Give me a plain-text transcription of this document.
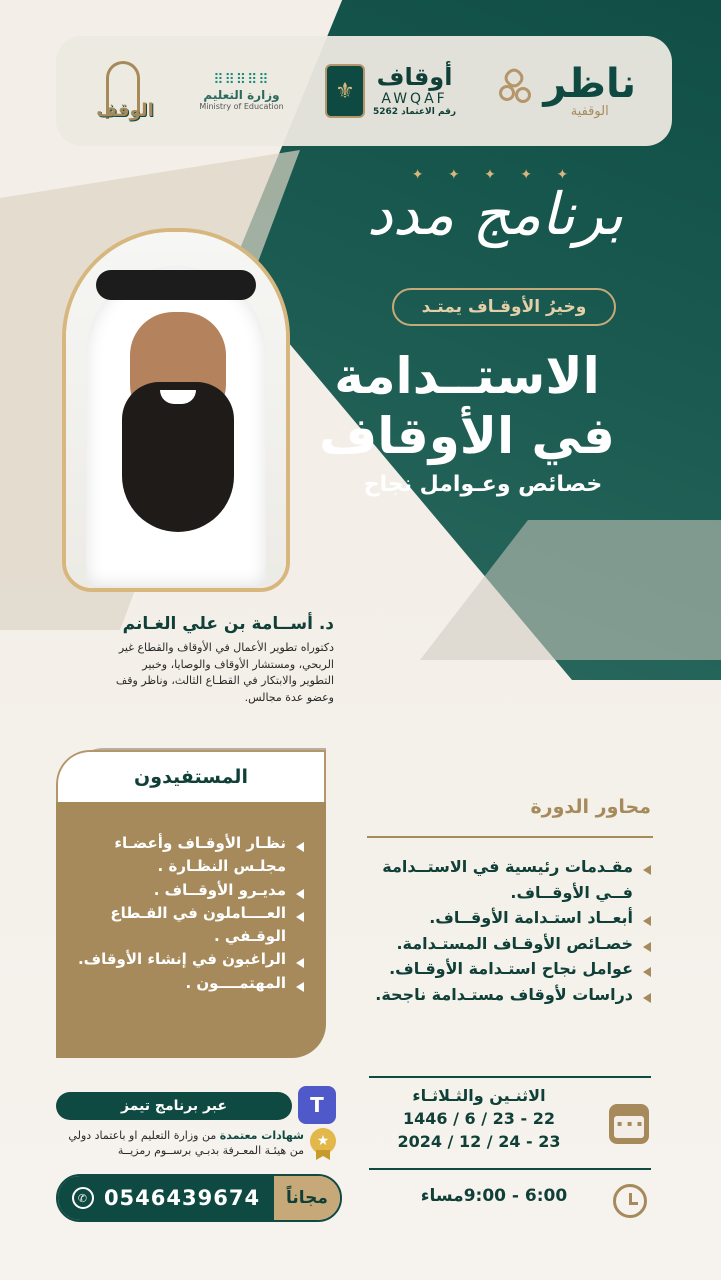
ناظر
الوقفية
أوقاف
AWQAF
رقم الاعتماد 5262
⚜
⠿⠿⠿⠿⠿
وزارة التعليم
Ministry of Education
الوقف
✦ ✦ ✦ ✦ ✦
برنامج مدد
وخيرُ الأوقـاف يمتـد
الاستــدامة
في الأوقاف
خصائص وعـوامل نجاح
د. أســامة بن علي الغـانم
دكتوراه تطوير الأعمال في الأوقاف والقطاع غير الربحي، ومستشار الأوقاف والوصايا، وخبير التطوير والابتكار في القطـاع الثالث، وناظر وقف وعضو عدة مجالس.
المستفيدون
نظـار الأوقـاف وأعضـاء مجلـس النظـارة .
مديـرو الأوقــاف .
العــــاملون في القـطاع الوقـفي .
الراغبون في إنشاء الأوقاف.
المهتمــــون .
محاور الدورة
مقـدمات رئيسية في الاستــدامة فــي الأوقــاف.
أبعــاد استـدامة الأوقــاف.
خصـائص الأوقـاف المستـدامة.
عوامل نجاح استـدامة الأوقـاف.
دراسات لأوقاف مستـدامة ناجحة.
الاثنـين والثـلاثـاء
22 - 23 / 6 / 1446
23 - 24 / 12 / 2024
▪ ▪ ▪
6:00 - 9:00مساء
عبر برنامج تيمز	T
شهادات معتمدة من وزارة التعليم او باعتماد دولي من هيئـة المعـرفة بدبـي برســوم رمزيــة
★
مجاناً
✆ 0546439674
